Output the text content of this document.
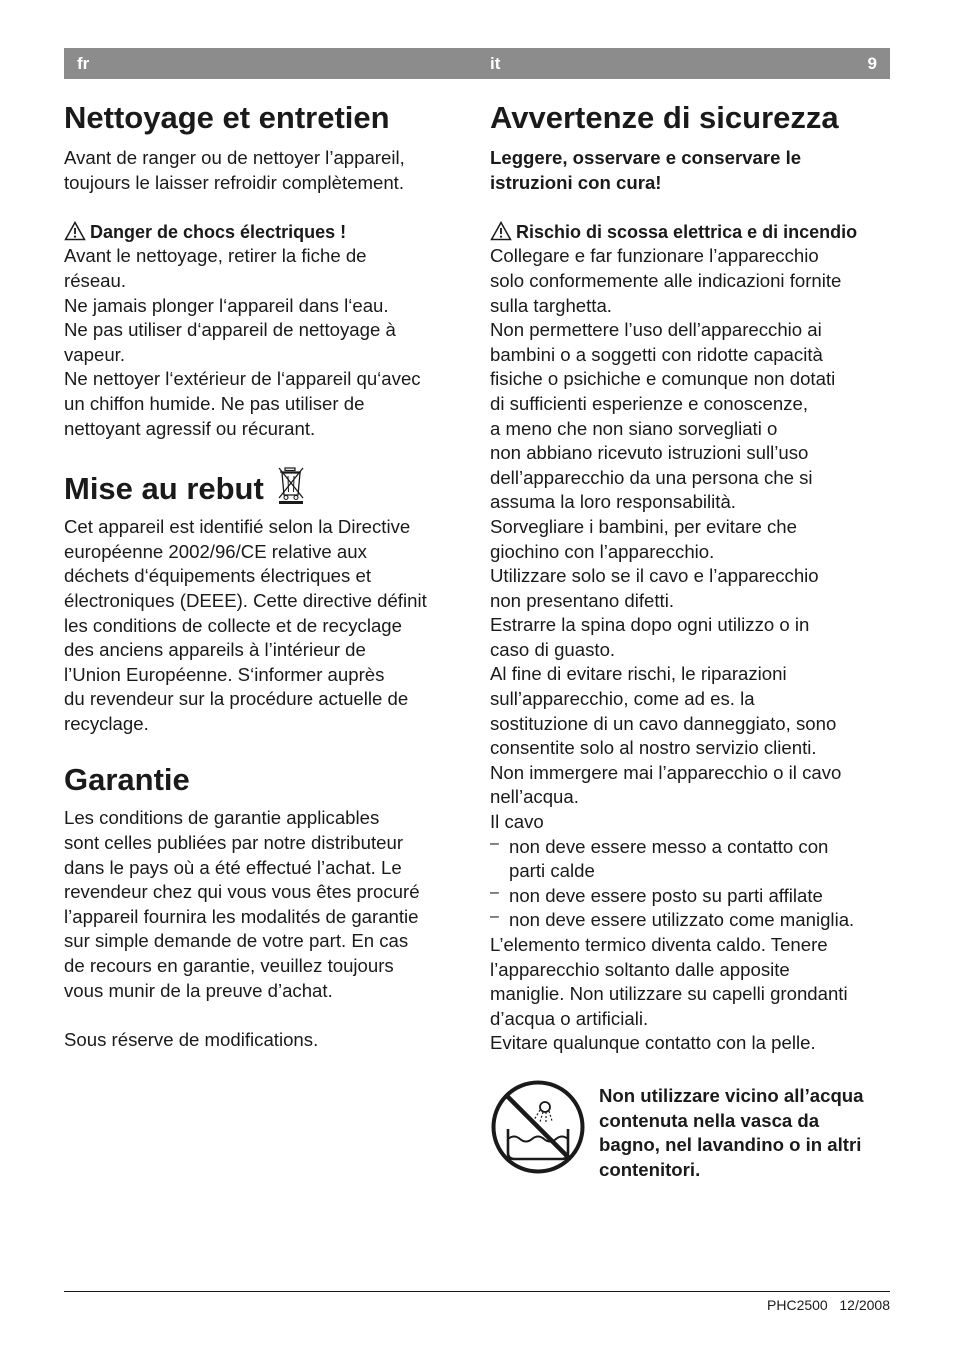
fr	it	9
Nettoyage et entretien

Avant de ranger ou de nettoyer l’appareil,

toujours le laisser refroidir complètement.

Danger de chocs électriques !

Avant le nettoyage, retirer la fiche de

réseau.

Ne jamais plonger l‘appareil dans l‘eau.

Ne pas utiliser d‘appareil de nettoyage à

vapeur.

Ne nettoyer l‘extérieur de l‘appareil qu‘avec

un chiffon humide. Ne pas utiliser de

nettoyant agressif ou récurant.

Mise au rebut

Cet appareil est identifié selon la Directive

européenne 2002/96/CE relative aux

déchets d‘équipements électriques et

électroniques (DEEE). Cette directive définit

les conditions de collecte et de recyclage

des anciens appareils à l’intérieur de

l’Union Européenne. S‘informer auprès

du revendeur sur la procédure actuelle de

recyclage.

Garantie

Les conditions de garantie applicables

sont celles publiées par notre distributeur

dans le pays où a été effectué l’achat. Le

revendeur chez qui vous vous êtes procuré

l’appareil fournira les modalités de garantie

sur simple demande de votre part. En cas

de recours en garantie, veuillez toujours

vous munir de la preuve d’achat.

Sous réserve de modifications.

Avvertenze di sicurezza

Leggere, osservare e conservare le

istruzioni con cura!

Rischio di scossa elettrica e di incendio

Collegare e far funzionare l’apparecchio

solo conformemente alle indicazioni fornite

sulla targhetta.

Non permettere l’uso dell’apparecchio ai

bambini o a soggetti con ridotte capacità

fisiche o psichiche e comunque non dotati

di sufficienti esperienze e conoscenze,

a meno che non siano sorvegliati o

non abbiano ricevuto istruzioni sull’uso

dell’apparecchio da una persona che si

assuma la loro responsabilità.

Sorvegliare i bambini, per evitare che

giochino con l’apparecchio.

Utilizzare solo se il cavo e l’apparecchio

non presentano difetti.

Estrarre la spina dopo ogni utilizzo o in

caso di guasto.

Al fine di evitare rischi, le riparazioni

sull’apparecchio, come ad es. la

sostituzione di un cavo danneggiato, sono

consentite solo al nostro servizio clienti.

Non immergere mai l’apparecchio o il cavo

nell’acqua.

Il cavo

– non deve essere messo a contatto con

parti calde

– non deve essere posto su parti affilate

– non deve essere utilizzato come maniglia.

L’elemento termico diventa caldo. Tenere

l’apparecchio soltanto dalle apposite

maniglie. Non utilizzare su capelli grondanti

d’acqua o artificiali.

Evitare qualunque contatto con la pelle.

Non utilizzare vicino all’acqua

contenuta nella vasca da

bagno, nel lavandino o in altri

contenitori.

PHC2500 12/2008
